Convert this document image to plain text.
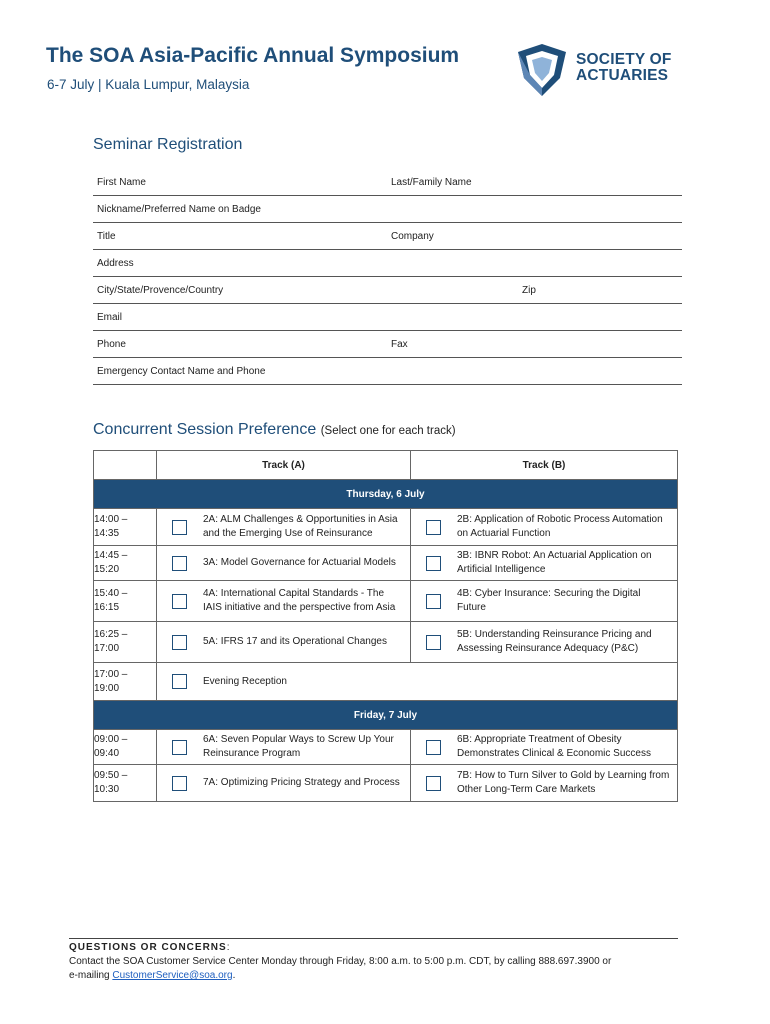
The SOA Asia-Pacific Annual Symposium
6-7 July | Kuala Lumpur, Malaysia
SOCIETY OF
ACTUARIES
Seminar Registration
First Name	Last/Family Name
Nickname/Preferred Name on Badge
Title	Company
Address
City/State/Provence/Country	Zip
Email
Phone	Fax
Emergency Contact Name and Phone
Concurrent Session Preference (Select one for each track)
	Track (A)	Track (B)
Thursday, 6 July		

14:00 –
14:35	2A: ALM Challenges & Opportunities in Asia and the Emerging Use of Reinsurance	2B: Application of Robotic Process Automation on Actuarial Function

14:45 –
15:20	3A: Model Governance for Actuarial Models	3B: IBNR Robot: An Actuarial Application on Artificial Intelligence

15:40 –
16:15	4A: International Capital Standards - The IAIS initiative and the perspective from Asia	4B: Cyber Insurance: Securing the Digital Future

16:25 –
17:00	5A: IFRS 17 and its Operational Changes	5B: Understanding Reinsurance Pricing and Assessing Reinsurance Adequacy (P&C)

17:00 –
19:00	Evening Reception	

Friday, 7 July		

09:00 –
09:40	6A: Seven Popular Ways to Screw Up Your Reinsurance Program	6B: Appropriate Treatment of Obesity Demonstrates Clinical & Economic Success

09:50 –
10:30	7A: Optimizing Pricing Strategy and Process	7B: How to Turn Silver to Gold by Learning from Other Long-Term Care Markets
QUESTIONS OR CONCERNS:
Contact the SOA Customer Service Center Monday through Friday, 8:00 a.m. to 5:00 p.m. CDT, by calling 888.697.3900 or
e-mailing CustomerService@soa.org.
